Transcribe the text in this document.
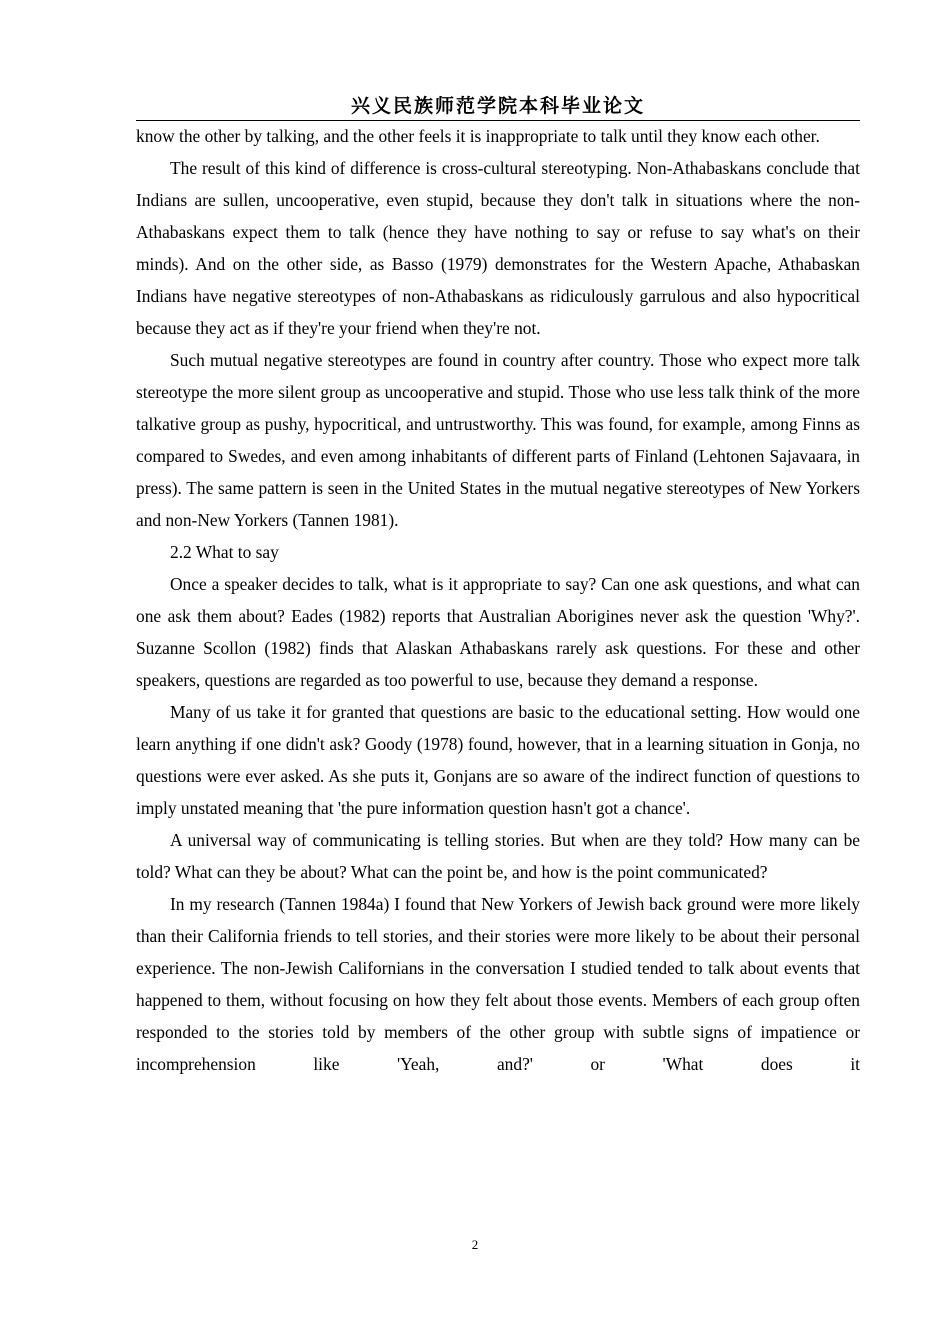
兴义民族师范学院本科毕业论文

know the other by talking, and the other feels it is inappropriate to talk until they know each other.

The result of this kind of difference is cross-cultural stereotyping. Non-Athabaskans conclude that Indians are sullen, uncooperative, even stupid, because they don't talk in situations where the non-Athabaskans expect them to talk (hence they have nothing to say or refuse to say what's on their minds). And on the other side, as Basso (1979) demonstrates for the Western Apache, Athabaskan Indians have negative stereotypes of non-Athabaskans as ridiculously garrulous and also hypocritical because they act as if they're your friend when they're not.

Such mutual negative stereotypes are found in country after country. Those who expect more talk stereotype the more silent group as uncooperative and stupid. Those who use less talk think of the more talkative group as pushy, hypocritical, and untrustworthy. This was found, for example, among Finns as compared to Swedes, and even among inhabitants of different parts of Finland (Lehtonen Sajavaara, in press). The same pattern is seen in the United States in the mutual negative stereotypes of New Yorkers and non-New Yorkers (Tannen 1981).

2.2 What to say

Once a speaker decides to talk, what is it appropriate to say? Can one ask questions, and what can one ask them about? Eades (1982) reports that Australian Aborigines never ask the question 'Why?'. Suzanne Scollon (1982) finds that Alaskan Athabaskans rarely ask questions. For these and other speakers, questions are regarded as too powerful to use, because they demand a response.

Many of us take it for granted that questions are basic to the educational setting. How would one learn anything if one didn't ask? Goody (1978) found, however, that in a learning situation in Gonja, no questions were ever asked. As she puts it, Gonjans are so aware of the indirect function of questions to imply unstated meaning that 'the pure information question hasn't got a chance'.

A universal way of communicating is telling stories. But when are they told? How many can be told? What can they be about? What can the point be, and how is the point communicated?

In my research (Tannen 1984a) I found that New Yorkers of Jewish back ground were more likely than their California friends to tell stories, and their stories were more likely to be about their personal experience. The non-Jewish Californians in the conversation I studied tended to talk about events that happened to them, without focusing on how they felt about those events. Members of each group often responded to the stories told by members of the other group with subtle signs of impatience or incomprehension like 'Yeah, and?' or 'What does it

2
